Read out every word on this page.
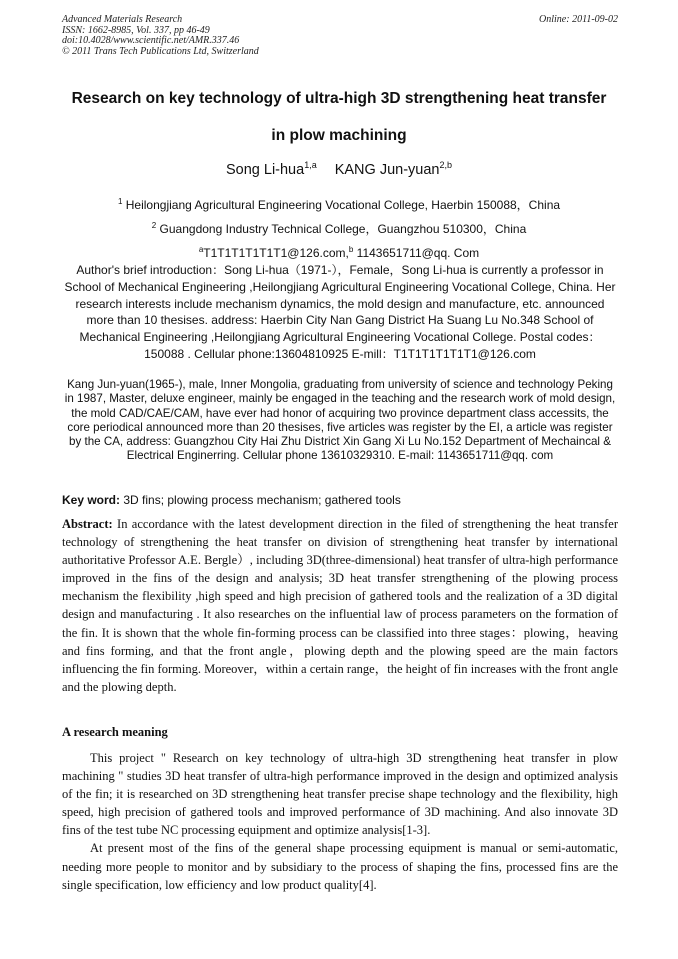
Advanced Materials Research
ISSN: 1662-8985, Vol. 337, pp 46-49
doi:10.4028/www.scientific.net/AMR.337.46
© 2011 Trans Tech Publications Ltd, Switzerland
Online: 2011-09-02
Research on key technology of ultra-high 3D strengthening heat transfer
in plow machining
Song Li-hua$^{1,a}$ KANG Jun-yuan$^{2,b}$
$^1$ Heilongjiang Agricultural Engineering Vocational College, Haerbin 150088，China
$^2$ Guangdong Industry Technical College，Guangzhou 510300，China
$^a$T1T1T1T1T1T1@126.com,$^b$ 1143651711@qq. Com
Author's brief introduction：Song Li-hua（1971-），Female，Song Li-hua is currently a professor in School of Mechanical Engineering ,Heilongjiang Agricultural Engineering Vocational College, China. Her research interests include mechanism dynamics, the mold design and manufacture, etc. announced more than 10 thesises. address: Haerbin City Nan Gang District Ha Suang Lu No.348 School of Mechanical Engineering ,Heilongjiang Agricultural Engineering Vocational College. Postal codes：150088 . Cellular phone:13604810925 E-mill：T1T1T1T1T1T1@126.com
Kang Jun-yuan(1965-), male, Inner Mongolia, graduating from university of science and technology Peking in 1987, Master, deluxe engineer, mainly be engaged in the teaching and the research work of mold design, the mold CAD/CAE/CAM, have ever had honor of acquiring two province department class accessits, the core periodical announced more than 20 thesises, five articles was register by the EI, a article was register by the CA, address: Guangzhou City Hai Zhu District Xin Gang Xi Lu No.152 Department of Mechaincal & Electrical Enginerring. Cellular phone 13610329310. E-mail: 1143651711@qq. com
Key word: 3D fins; plowing process mechanism; gathered tools
Abstract: In accordance with the latest development direction in the filed of strengthening the heat transfer technology of strengthening the heat transfer on division of strengthening heat transfer by international authoritative Professor A.E. Bergle）, including 3D(three-dimensional) heat transfer of ultra-high performance improved in the fins of the design and analysis; 3D heat transfer strengthening of the plowing process mechanism the flexibility ,high speed and high precision of gathered tools and the realization of a 3D digital design and manufacturing . It also researches on the influential law of process parameters on the formation of the fin. It is shown that the whole fin-forming process can be classified into three stages：plowing，heaving and fins forming, and that the front angle，plowing depth and the plowing speed are the main factors influencing the fin forming. Moreover，within a certain range，the height of fin increases with the front angle and the plowing depth.
A research meaning

This project " Research on key technology of ultra-high 3D strengthening heat transfer in plow machining " studies 3D heat transfer of ultra-high performance improved in the design and optimized analysis of the fin; it is researched on 3D strengthening heat transfer precise shape technology and the flexibility, high speed, high precision of gathered tools and improved performance of 3D machining. And also innovate 3D fins of the test tube NC processing equipment and optimize analysis[1-3].

At present most of the fins of the general shape processing equipment is manual or semi-automatic, needing more people to monitor and by subsidiary to the process of shaping the fins, processed fins are the single specification, low efficiency and low product quality[4].
